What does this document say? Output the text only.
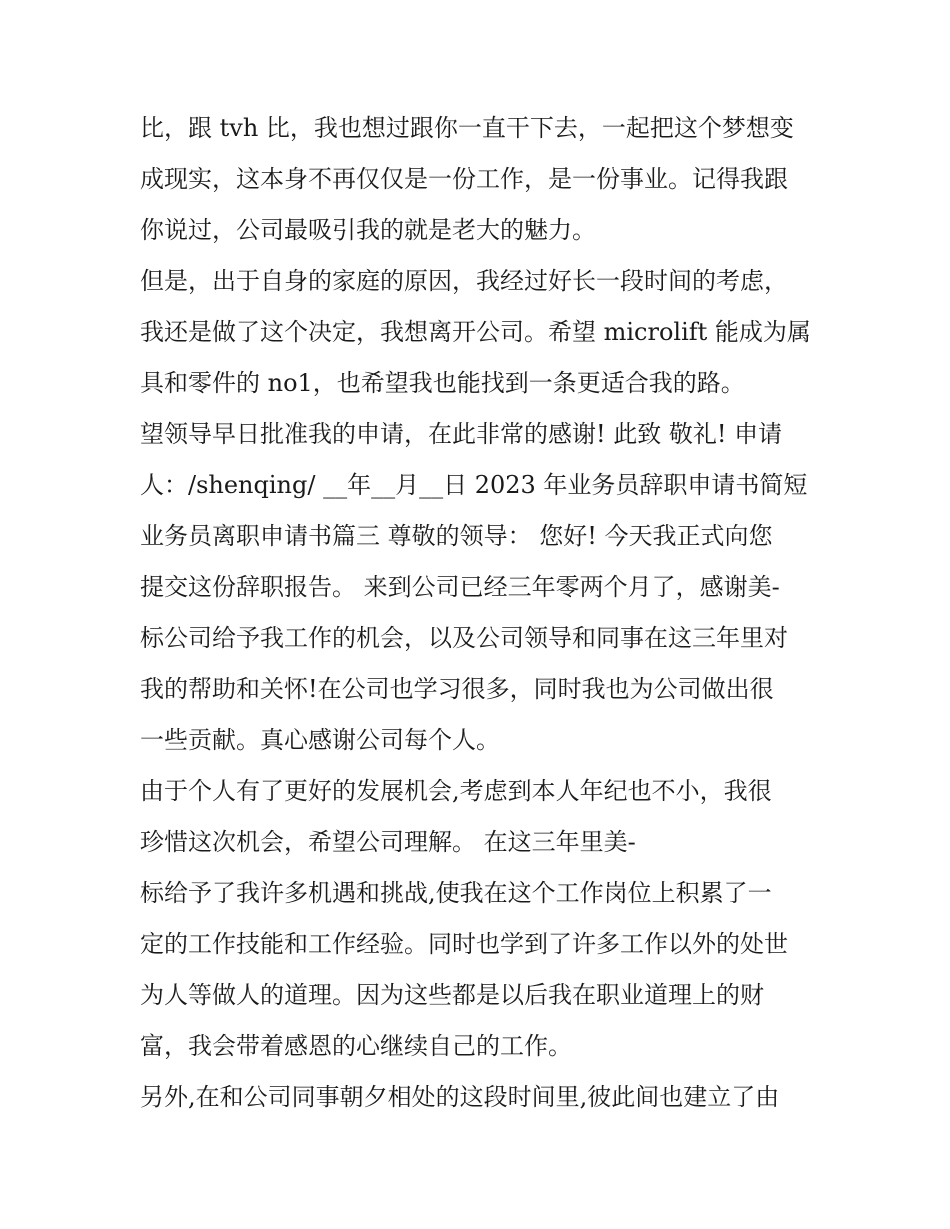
比，跟 tvh 比，我也想过跟你一直干下去，一起把这个梦想变
成现实，这本身不再仅仅是一份工作，是一份事业。记得我跟
你说过，公司最吸引我的就是老大的魅力。
但是，出于自身的家庭的原因，我经过好长一段时间的考虑，
我还是做了这个决定，我想离开公司。希望 microlift 能成为属
具和零件的 no1，也希望我也能找到一条更适合我的路。
望领导早日批准我的申请，在此非常的感谢! 此致 敬礼! 申请
人：/shenqing/ __年__月__日 2023 年业务员辞职申请书简短
业务员离职申请书篇三 尊敬的领导： 您好! 今天我正式向您
提交这份辞职报告。 来到公司已经三年零两个月了，感谢美-
标公司给予我工作的机会，以及公司领导和同事在这三年里对
我的帮助和关怀!在公司也学习很多，同时我也为公司做出很
一些贡献。真心感谢公司每个人。
由于个人有了更好的发展机会,考虑到本人年纪也不小，我很
珍惜这次机会，希望公司理解。 在这三年里美-
标给予了我许多机遇和挑战,使我在这个工作岗位上积累了一
定的工作技能和工作经验。同时也学到了许多工作以外的处世
为人等做人的道理。因为这些都是以后我在职业道理上的财
富，我会带着感恩的心继续自己的工作。
另外,在和公司同事朝夕相处的这段时间里,彼此间也建立了由
